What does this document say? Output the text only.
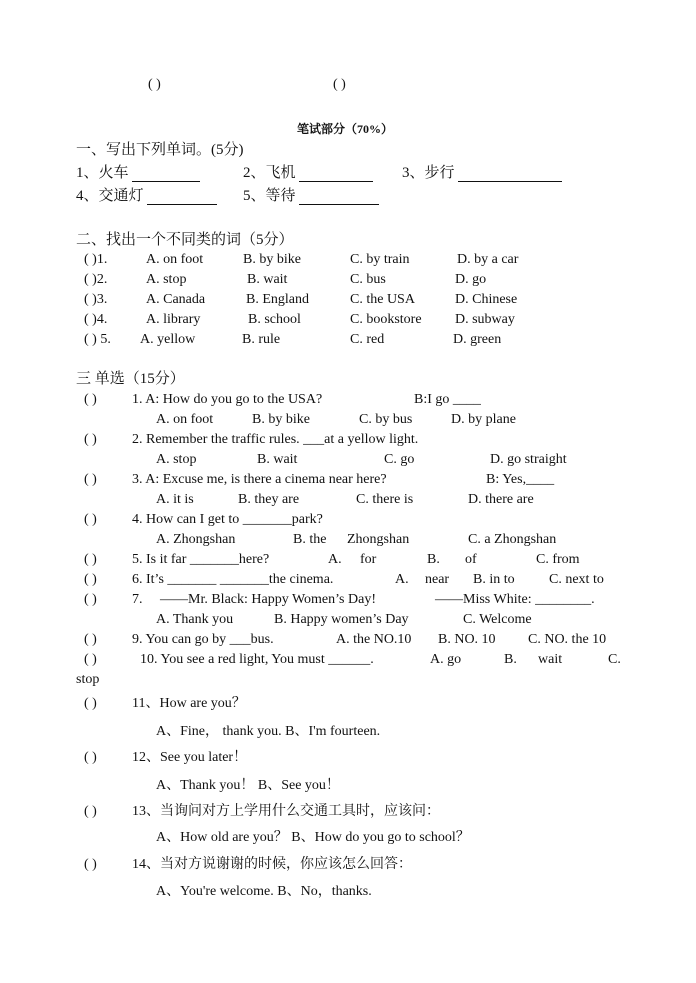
( )	( )
笔试部分（70%）
一、写出下列单词。(5分)
1、火车	2、飞机	3、步行
4、交通灯	5、等待
二、找出一个不同类的词（5分）
( )1.	A. on foot	B. by bike	C. by train	D. by a car
( )2.	A. stop	B. wait	C. bus	D. go
( )3.	A. Canada	B. England	C. the USA	D. Chinese
( )4.	A. library	B. school	C. bookstore D. subway
( ) 5. A. yellow	B. rule	C. red	D. green
三 单选（15分）
( )	1. A: How do you go to the USA?	B:I go ____
A. on foot	B. by bike	C. by bus	D. by plane
( )	2. Remember the traffic rules. ___at a yellow light.
A. stop	B. wait	C. go	D. go straight
( )	3. A: Excuse me, is there a cinema near here?	B: Yes,____
A. it is	B. they are	C. there is	D. there are
( )	4. How can I get to _______park?
A. Zhongshan	B. the Zhongshan	C. a Zhongshan
( )	5. Is it far _______here?	A. for	B. of	C. from
( )	6. It’s _______ _______the cinema.	A. near B. in to C. next to
( )	7. ——Mr. Black: Happy Women’s Day!	——Miss White: ________.
A. Thank you	B. Happy women’s Day	C. Welcome
( )	9. You can go by ___bus.	A. the NO.10 B. NO. 10 C. NO. the 10
( )	10. You see a red light, You must ______.	A. go	B. wait	C.
stop
( )	11、How are you？
A、Fine， thank you. B、I'm fourteen.
( )	12、See you later！
A、Thank you！ B、See you！
( )	13、当询问对方上学用什么交通工具时，应该问：
A、How old are you？ B、How do you go to school？
( )	14、当对方说谢谢的时候，你应该怎么回答：
A、You're welcome. B、No，thanks.
